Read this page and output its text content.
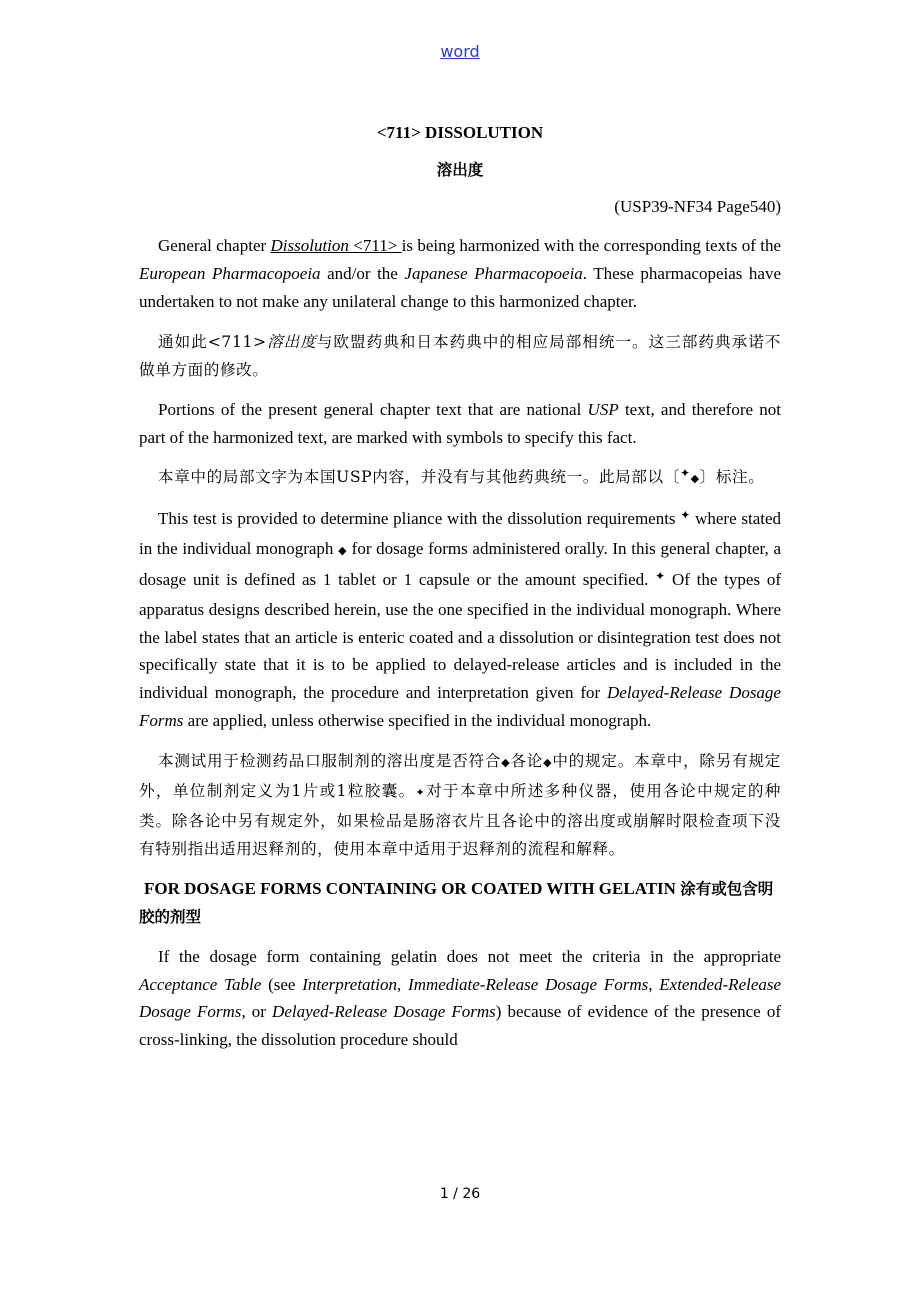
word

<711> DISSOLUTION

溶出度

(USP39-NF34 Page540)

General chapter Dissolution <711> is being harmonized with the corresponding texts of the European Pharmacopoeia and/or the Japanese Pharmacopoeia. These pharmacopeias have undertaken to not make any unilateral change to this harmonized chapter.

通如此<711>溶出度与欧盟药典和日本药典中的相应局部相统一。这三部药典承诺不做单方面的修改。

Portions of the present general chapter text that are national USP text, and therefore not part of the harmonized text, are marked with symbols to specify this fact.

本章中的局部文字为本国USP内容，并没有与其他药典统一。此局部以〔✦◆〕标注。

This test is provided to determine pliance with the dissolution requirements ✦ where stated in the individual monograph ◆ for dosage forms administered orally. In this general chapter, a dosage unit is defined as 1 tablet or 1 capsule or the amount specified. ✦ Of the types of apparatus designs described herein, use the one specified in the individual monograph. Where the label states that an article is enteric coated and a dissolution or disintegration test does not specifically state that it is to be applied to delayed-release articles and is included in the individual monograph, the procedure and interpretation given for Delayed-Release Dosage Forms are applied, unless otherwise specified in the individual monograph.

本测试用于检测药品口服制剂的溶出度是否符合◆各论◆中的规定。本章中，除另有规定外，单位制剂定义为1片或1粒胶囊。✦对于本章中所述多种仪器，使用各论中规定的种类。除各论中另有规定外，如果检品是肠溶衣片且各论中的溶出度或崩解时限检查项下没有特别指出适用迟释剂的，使用本章中适用于迟释剂的流程和解释。

FOR DOSAGE FORMS CONTAINING OR COATED WITH GELATIN 涂有或包含明胶的剂型

If the dosage form containing gelatin does not meet the criteria in the appropriate Acceptance Table (see Interpretation, Immediate-Release Dosage Forms, Extended-Release Dosage Forms, or Delayed-Release Dosage Forms) because of evidence of the presence of cross-linking, the dissolution procedure should

1 / 26
